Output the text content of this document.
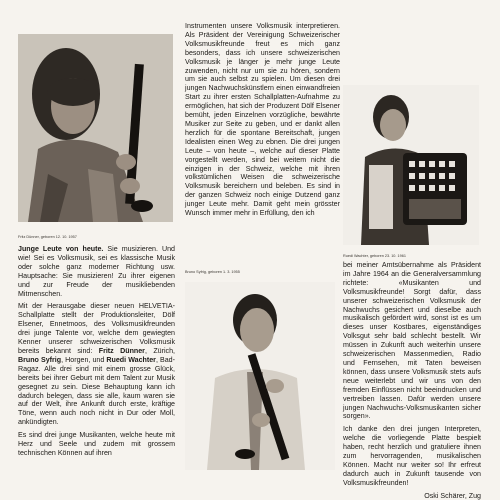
Fritz Dünner, geboren 12. 10. 1957
Ruedi Wachter, geboren 23. 10. 1961
Bruno Syfrig, geboren 1. 3. 1955

Junge Leute von heute. Sie musizieren. Und wie! Sei es Volksmusik, sei es klassische Musik oder solche ganz moderner Richtung usw. Hauptsache: Sie musizieren! Zu ihrer eigenen und zur Freude der musikliebenden Mitmenschen.

Mit der Herausgabe dieser neuen HELVETIA-Schallplatte stellt der Produktionsleiter, Dölf Elsener, Ennetmoos, des Volksmusikfreunden drei junge Talente vor, welche dem gewiegten Kenner unserer schweizerischen Volksmusik bereits bekannt sind: Fritz Dünner, Zürich, Bruno Syfrig, Horgen, und Ruedi Wachter, Bad-Ragaz. Alle drei sind mit einem grosse Glück, bereits bei ihrer Geburt mit dem Talent zur Musik gesegnet zu sein. Diese Behauptung kann ich dadurch belegen, dass sie alle, kaum waren sie auf der Welt, ihre Ankunft durch erste, kräftige Töne, wenn auch noch nicht in Dur oder Moll, ankündigten.

Es sind drei junge Musikanten, welche heute mit Herz und Seele und zudem mit grossem technischen Können auf ihren

Instrumenten unsere Volksmusik interpretieren. Als Präsident der Vereinigung Schweizerischer Volksmusikfreunde freut es mich ganz besonders, dass ich unsere schweizerischen Volksmusik je länger je mehr junge Leute zuwenden, nicht nur um sie zu hören, sondern um sie auch selbst zu spielen. Um diesen drei jungen Nachwuchskünstlern einen einwandfreien Start zu ihrer ersten Schallplatten-Aufnahme zu ermöglichen, hat sich der Produzent Dölf Elsener bemüht, jeden Einzelnen vorzügliche, bewährte Musiker zur Seite zu geben, und er dankt allen herzlich für die spontane Bereitschaft, jungen Idealisten einen Weg zu ebnen. Die drei jungen Leute – von heute –, welche auf dieser Platte vorgestellt werden, sind bei weitem nicht die einzigen in der Schweiz, welche mit ihren volkstümlichen Weisen die schweizerische Volksmusik bereichern und beleben. Es sind in der ganzen Schweiz noch einige Dutzend ganz junger Leute mehr. Damit geht mein grösster Wunsch immer mehr in Erfüllung, den ich

bei meiner Amtsübernahme als Präsident im Jahre 1964 an die Generalversammlung richtete: «Musikanten und Volksmusikfreunde! Sorgt dafür, dass unserer schweizerischen Volksmusik der Nachwuchs gesichert und dieselbe auch musikalisch gefördert wird, sonst ist es um dieses unser Kostbares, eigenständiges Volksgut sehr bald schlecht bestellt. Wir müssen in Zukunft auch weiterhin unsere schweizerischen Massenmedien, Radio und Fernsehen, mit Taten beweisen können, dass unsere Volksmusik stets aufs neue weiterlebt und wir uns von den fremden Einflüssen nicht beeindrucken und vertreiben lassen. Dafür werden unsere jungen Nachwuchs-Volksmusikanten sicher sorgen».

Ich danke den drei jungen Interpreten, welche die vorliegende Platte bespielt haben, recht herzlich und gratuliere ihnen zum hervorragenden, musikalischen Können. Macht nur weiter so! Ihr erfreut dadurch auch in Zukunft tausende von Volksmusikfreunden!

Oski Schärer, Zug
